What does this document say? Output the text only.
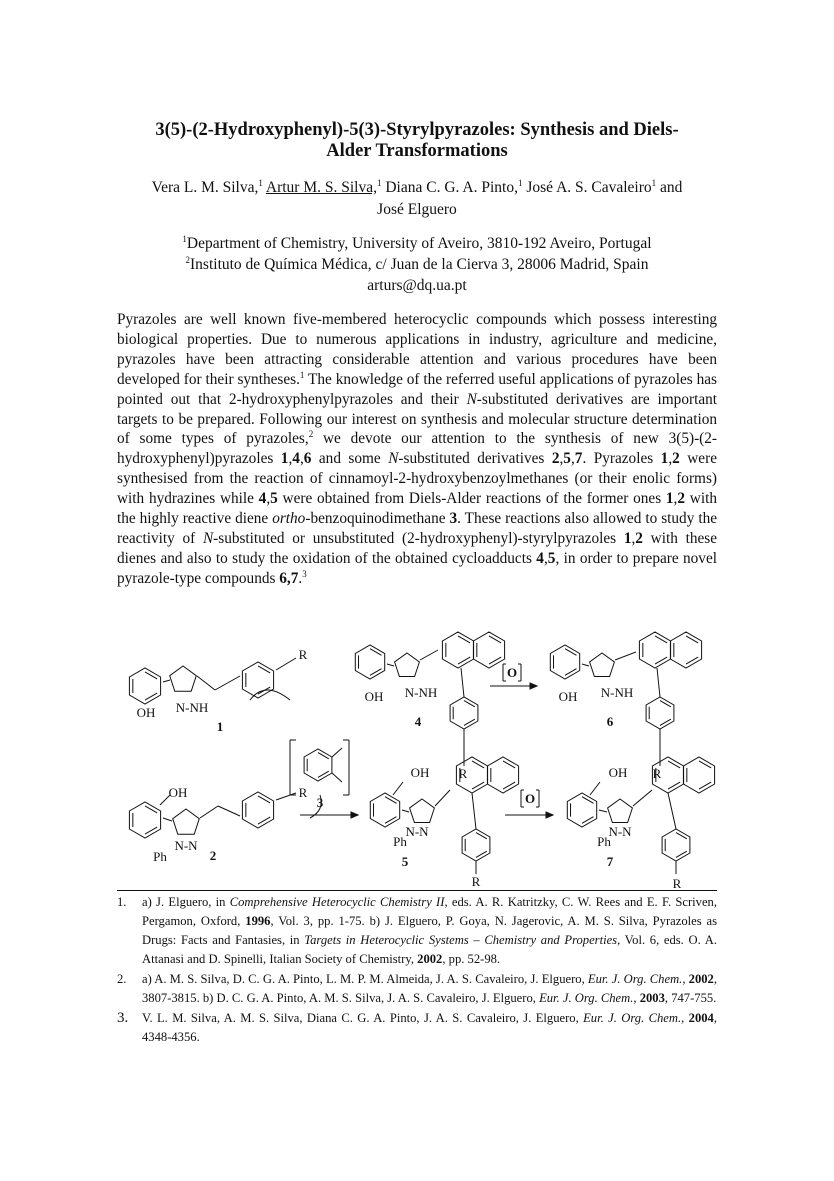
3(5)-(2-Hydroxyphenyl)-5(3)-Styrylpyrazoles: Synthesis and Diels-
Alder Transformations
Vera L. M. Silva,$^1$ Artur M. S. Silva,$^1$ Diana C. G. A. Pinto,$^1$ José A. S. Cavaleiro$^1$ and
José Elguero
$^1$Department of Chemistry, University of Aveiro, 3810-192 Aveiro, Portugal
$^2$Instituto de Química Médica, c/ Juan de la Cierva 3, 28006 Madrid, Spain
arturs@dq.ua.pt

Pyrazoles are well known five-membered heterocyclic compounds which possess interesting biological properties. Due to numerous applications in industry, agriculture and medicine, pyrazoles have been attracting considerable attention and various procedures have been developed for their syntheses.$^1$ The knowledge of the referred useful applications of pyrazoles has pointed out that 2-hydroxyphenylpyrazoles and their N-substituted derivatives are important targets to be prepared. Following our interest on synthesis and molecular structure determination of some types of pyrazoles,$^2$ we devote our attention to the synthesis of new 3(5)-(2-hydroxyphenyl)pyrazoles 1,4,6 and some N-substituted derivatives 2,5,7. Pyrazoles 1,2 were synthesised from the reaction of cinnamoyl-2-hydroxybenzoylmethanes (or their enolic forms) with hydrazines while 4,5 were obtained from Diels-Alder reactions of the former ones 1,2 with the highly reactive diene ortho-benzoquinodimethane 3. These reactions also allowed to study the reactivity of N-substituted or unsubstituted (2-hydroxyphenyl)-styrylpyrazoles 1,2 with these dienes and also to study the oxidation of the obtained cycloadducts 4,5, in order to prepare novel pyrazole-type compounds 6,7.$^3$

OH N-NH
R
1
OH N-NH
R
4
O
OH N-NH
R
6
3
OH
N-N
Ph
R
2
OH
N-N
Ph
R
5
O
OH
N-N
Ph
R
7
1.	a) J. Elguero, in Comprehensive Heterocyclic Chemistry II, eds. A. R. Katritzky, C. W. Rees and E. F. Scriven, Pergamon, Oxford, 1996, Vol. 3, pp. 1-75. b) J. Elguero, P. Goya, N. Jagerovic, A. M. S. Silva, Pyrazoles as Drugs: Facts and Fantasies, in Targets in Heterocyclic Systems – Chemistry and Properties, Vol. 6, eds. O. A. Attanasi and D. Spinelli, Italian Society of Chemistry, 2002, pp. 52-98.
2.	a) A. M. S. Silva, D. C. G. A. Pinto, L. M. P. M. Almeida, J. A. S. Cavaleiro, J. Elguero, Eur. J. Org. Chem., 2002, 3807-3815. b) D. C. G. A. Pinto, A. M. S. Silva, J. A. S. Cavaleiro, J. Elguero, Eur. J. Org. Chem., 2003, 747-755.
3.	V. L. M. Silva, A. M. S. Silva, Diana C. G. A. Pinto, J. A. S. Cavaleiro, J. Elguero, Eur. J. Org. Chem., 2004, 4348-4356.
